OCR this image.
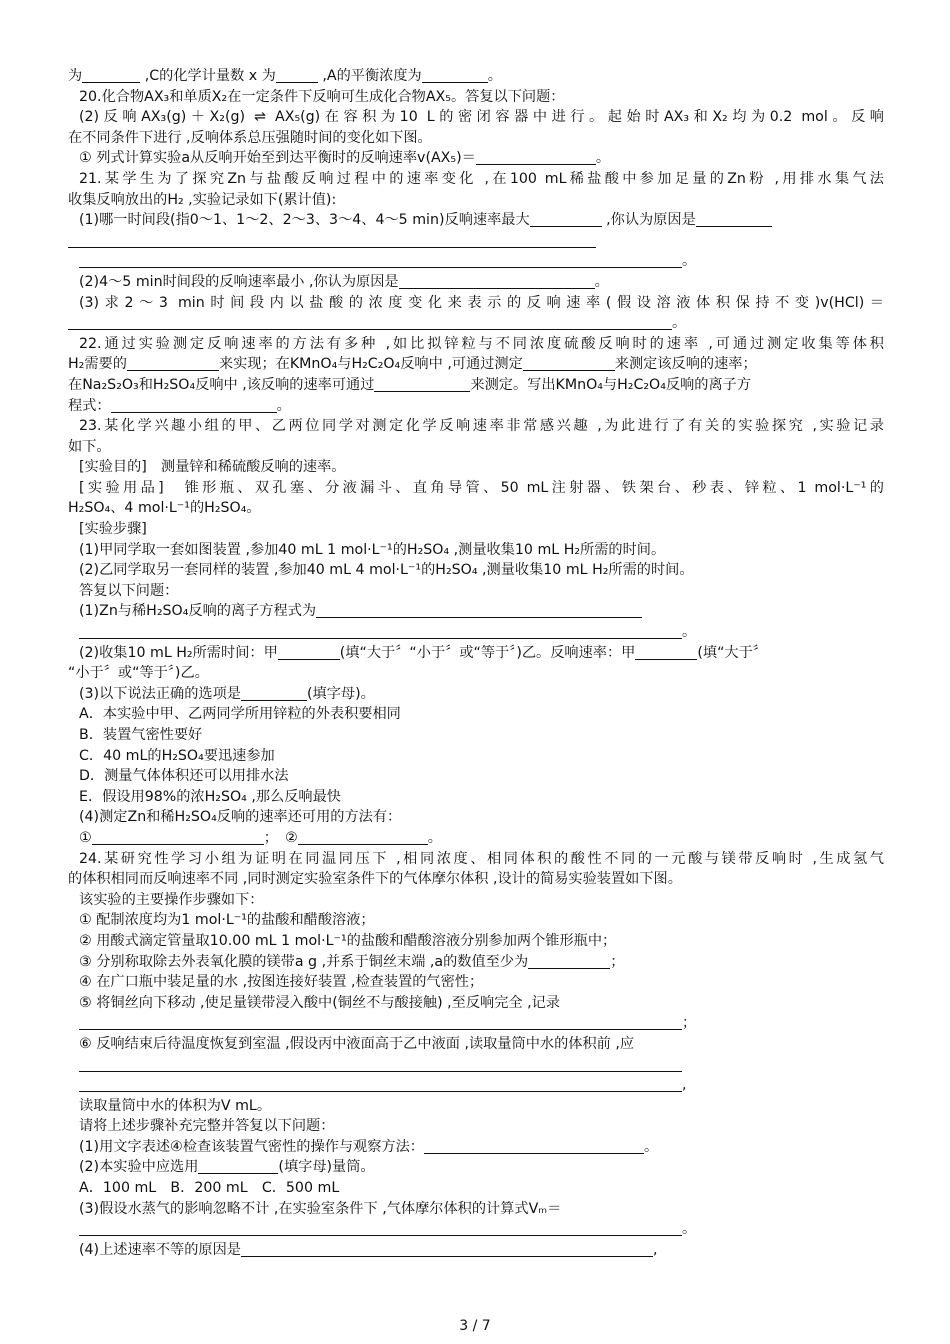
为	,C的化学计量数 x 为	,A的平衡浓度为	。
20.化合物AX₃和单质X₂在一定条件下反响可生成化合物AX₅。答复以下问题：
(2)反响AX₃(g)＋X₂(g) ⇌ AX₅(g)在容积为10 L的密闭容器中进行。起始时AX₃和X₂均为0.2 mol。反响
在不同条件下进行 ,反响体系总压强随时间的变化如下图。
① 列式计算实验a从反响开始至到达平衡时的反响速率v(AX₅)＝	。
21.某学生为了探究Zn与盐酸反响过程中的速率变化 ,在100 mL稀盐酸中参加足量的Zn粉 ,用排水集气法
收集反响放出的H₂ ,实验记录如下(累计值):
(1)哪一时间段(指0～1、1～2、2～3、3～4、4～5 min)反响速率最大	,你认为原因是
。
(2)4～5 min时间段的反响速率最小 ,你认为原因是	。
(3)求2～3 min时间段内以盐酸的浓度变化来表示的反响速率(假设溶液体积保持不变)v(HCl)＝
。
22.通过实验测定反响速率的方法有多种 ,如比拟锌粒与不同浓度硫酸反响时的速率 ,可通过测定收集等体积
H₂需要的	来实现；在KMnO₄与H₂C₂O₄反响中 ,可通过测定	来测定该反响的速率；
在Na₂S₂O₃和H₂SO₄反响中 ,该反响的速率可通过	来测定。写出KMnO₄与H₂C₂O₄反响的离子方
程式：	。
23.某化学兴趣小组的甲、乙两位同学对测定化学反响速率非常感兴趣 ,为此进行了有关的实验探究 ,实验记录
如下。
[实验目的]　测量锌和稀硫酸反响的速率。
[实验用品]　锥形瓶、双孔塞、分液漏斗、直角导管、50 mL注射器、铁架台、秒表、锌粒、1 mol·L⁻¹的
H₂SO₄、4 mol·L⁻¹的H₂SO₄。
[实验步骤]
(1)甲同学取一套如图装置 ,参加40 mL 1 mol·L⁻¹的H₂SO₄ ,测量收集10 mL H₂所需的时间。
(2)乙同学取另一套同样的装置 ,参加40 mL 4 mol·L⁻¹的H₂SO₄ ,测量收集10 mL H₂所需的时间。
答复以下问题：
(1)Zn与稀H₂SO₄反响的离子方程式为
。
(2)收集10 mL H₂所需时间：甲	(填“大于〞“小于〞或“等于〞)乙。反响速率：甲	(填“大于〞
“小于〞或“等于〞)乙。
(3)以下说法正确的选项是	(填字母)。
A．本实验中甲、乙两同学所用锌粒的外表积要相同
B．装置气密性要好
C．40 mL的H₂SO₄要迅速参加
D．测量气体体积还可以用排水法
E．假设用98%的浓H₂SO₄ ,那么反响最快
(4)测定Zn和稀H₂SO₄反响的速率还可用的方法有：
①	；　②	。
24.某研究性学习小组为证明在同温同压下 ,相同浓度、相同体积的酸性不同的一元酸与镁带反响时 ,生成氢气
的体积相同而反响速率不同 ,同时测定实验室条件下的气体摩尔体积 ,设计的简易实验装置如下图。
该实验的主要操作步骤如下：
① 配制浓度均为1 mol·L⁻¹的盐酸和醋酸溶液；
② 用酸式滴定管量取10.00 mL 1 mol·L⁻¹的盐酸和醋酸溶液分别参加两个锥形瓶中；
③ 分别称取除去外表氧化膜的镁带a g ,并系于铜丝末端 ,a的数值至少为	；
④ 在广口瓶中装足量的水 ,按图连接好装置 ,检查装置的气密性；
⑤ 将铜丝向下移动 ,使足量镁带浸入酸中(铜丝不与酸接触) ,至反响完全 ,记录
；
⑥ 反响结束后待温度恢复到室温 ,假设丙中液面高于乙中液面 ,读取量筒中水的体积前 ,应
,
读取量筒中水的体积为V mL。
请将上述步骤补充完整并答复以下问题：
(1)用文字表述④检查该装置气密性的操作与观察方法：	。
(2)本实验中应选用	(填字母)量筒。
A．100 mL　B．200 mL　C．500 mL
(3)假设水蒸气的影响忽略不计 ,在实验室条件下 ,气体摩尔体积的计算式Vₘ＝
。
(4)上述速率不等的原因是	,
3 / 7
